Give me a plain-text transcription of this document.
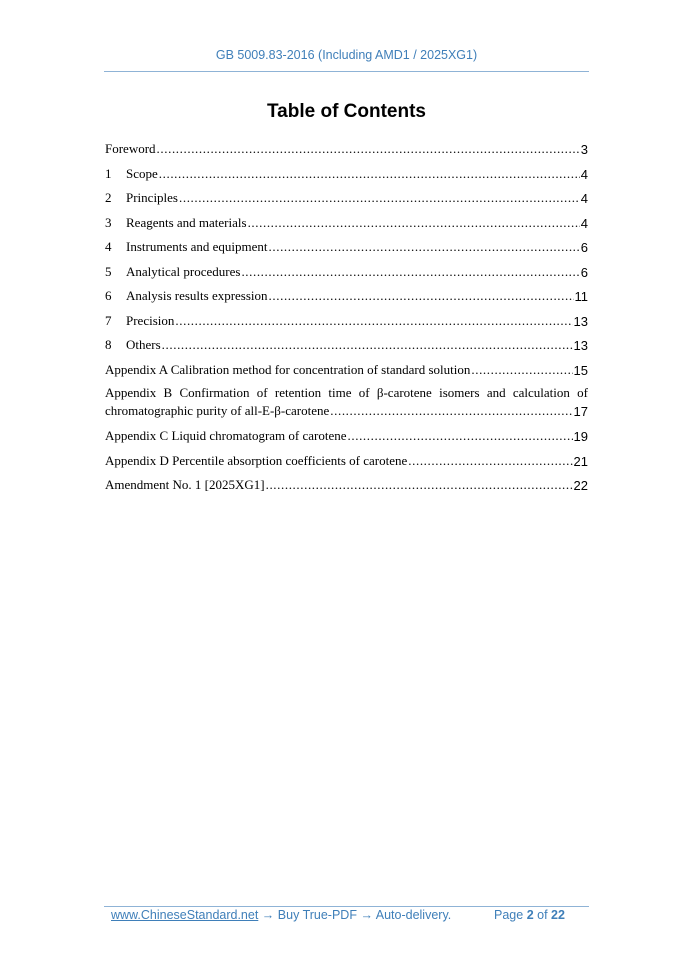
GB 5009.83-2016 (Including AMD1 / 2025XG1)
Table of Contents
Foreword .....	3
1	Scope .....	4
2	Principles .....	4
3	Reagents and materials .....	4
4	Instruments and equipment .....	6
5	Analytical procedures .....	6
6	Analysis results expression .....	11
7	Precision .....	13
8	Others .....	13
Appendix A Calibration method for concentration of standard solution .....	15
Appendix B Confirmation of retention time of β-carotene isomers and calculation of
chromatographic purity of all-E-β-carotene .....	17
Appendix C Liquid chromatogram of carotene .....	19
Appendix D Percentile absorption coefficients of carotene .....	21
Amendment No. 1 [2025XG1] .....	22
www.ChineseStandard.net → Buy True-PDF → Auto-delivery.	Page 2 of 22
